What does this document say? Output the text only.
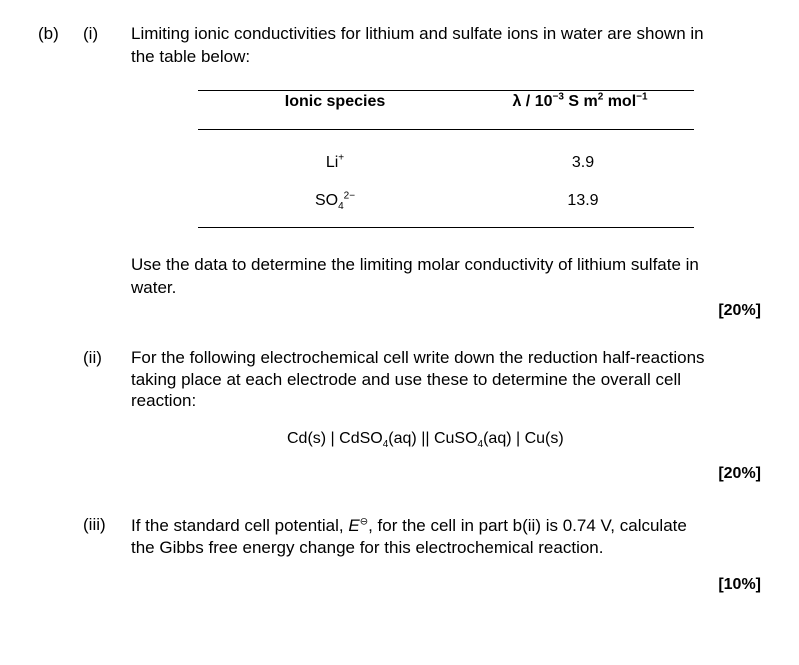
(b) (i) Limiting ionic conductivities for lithium and sulfate ions in water are shown in
the table below:
Ionic species	λ / $10^{-3}$ S $m^2$ mol$^{-1}$
Li+	3.9
$SO_4^{2-}$	13.9
Use the data to determine the limiting molar conductivity of lithium sulfate in
water.
[20%]
(ii) For the following electrochemical cell write down the reduction half-reactions
taking place at each electrode and use these to determine the overall cell
reaction:
Cd(s) | CdSO$_4$(aq) || CuSO$_4$(aq) | Cu(s)
[20%]
(iii) If the standard cell potential, E⊖, for the cell in part b(ii) is 0.74 V, calculate
the Gibbs free energy change for this electrochemical reaction.
[10%]
